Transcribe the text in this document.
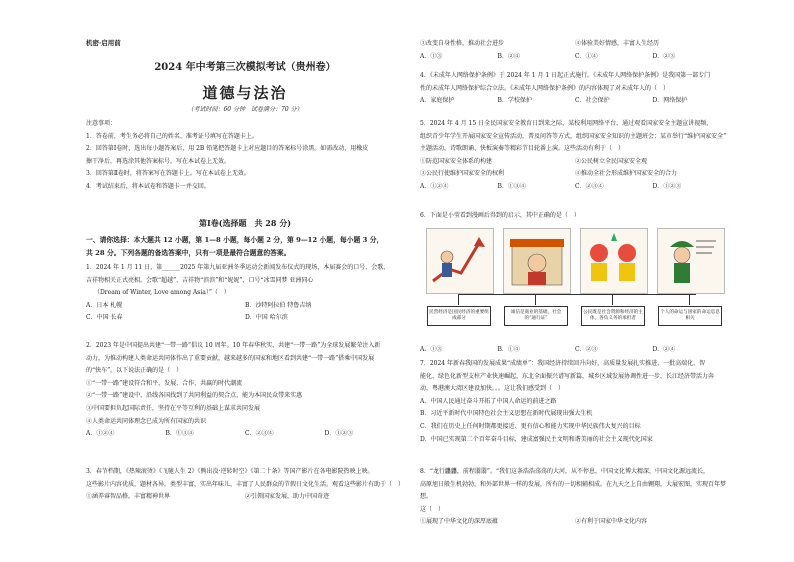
机密·启用前
2024 年中考第三次模拟考试（贵州卷）
道德与法治
（考试时间：60 分钟　试卷满分：70 分）

注意事项：

1．答卷前，考生务必将自己的姓名、准考证号填写在答题卡上。

2．回答第Ⅰ卷时，选出每小题答案后，用 2B 铅笔把答题卡上对应题目的答案标号涂黑。如需改动，用橡皮

擦干净后，再选涂其他答案标号。写在本试卷上无效。

3．回答第Ⅱ卷时，将答案写在答题卡上。写在本试卷上无效。

4．考试结束后，将本试卷和答题卡一并交回。

第Ⅰ卷(选择题　共 28 分)
一、请你选择：本大题共 12 小题，第 1—8 小题，每小题 2 分，第 9—12 小题，每小题 3 分，
共 28 分。下列各题的备选答案中，只有一项是最符合题意的答案。

1．2024 年 1 月 11 日，第______2025 年第九届亚洲冬季运动会新闻发布仪式的现场，本届赛会的口号、会歌、

吉祥物相关正式亮相。会歌“超越”、吉祥物“滨滨”和“妮妮”、口号“冰雪同梦 亚洲同心

（Dream of Winter, Love among Asia）”（　）

A．日本 札幌	B．沙特阿拉伯 特鲁吉纳
C．中国 长春	D．中国 哈尔滨

2．2023 年是中国提出共建“一带一路”倡议 10 周年。10 年春华秋实，共建“一带一路”为全球发展繁荣注入新

动力，为推动构建人类命运共同体作出了重要贡献，越来越多的国家和地区看到共建“一带一路”搭乘中国发展

的“快车”。以下说法正确的是（　）

①“一带一路”建设符合和平、发展、合作、共赢的时代潮流

②“一带一路”建设中，沿线各国找到了共同利益的契合点，能为本国民众带来实惠

③中国要担负起国际责任，坚持在平等互利的基础上谋求共同发展

④人类命运共同体理念已成为所有国家的共识

A．①②④	B．①③④	C．②③④	D．①②③

3．春节档期，《热辣滚烫》《飞驰人生 2》《熊出没·逆转时空》《第二十条》等国产影片在各电影院热映上映。

这些影片内容优质，题材各异，类型丰富，实出年味儿，丰富了人民群众的节假日文化生活。观看这些影片有助于（　）

①涵养睿智品格，丰富精神世界	②引领国家发展，助力中国奇迹
③改变自身性格，推动社会进步	④体验美好情感，丰富人生经历
A．①③	B．②④	C．①④	D．②③

4．《未成年人网络保护条例》于 2024 年 1 月 1 日起正式施行。《未成年人网络保护条例》是我国第一部专门

性的未成年人网络保护综合立法。《未成年人网络保护条例》的内容体现了对未成年人的（　）

A．家庭保护	B．学校保护	C．社会保护	D．网络保护

5．2024 年 4 月 15 日全民国家安全教育日到来之际，某校利用网络平台，通过观看国家安全主题宣讲视频，

组织青少年学生开展国家安全宣传活动，普及问答等方式，组织国家安全知识的主题班会；某市举行“维护国家安全”

主题活动，诗歌朗诵、快板演奏等精彩节目轮番上演。这些活动有利于（　）

①防范国家安全体系的构建	②公民树立全民国家安全观
③公民行使维护国家安全的权利	④推动全社会形成维护国家安全的合力
A．①②④	B．①③④	C．②③④	D．①②③

6．下面是小莹看到漫画后得到的启示，其中正确的是（　）

民营经济是国民经济的重要组成部分
诚信是商业的基础，社会的“通行证”
公民既是社会资源和经济的主体，各负义务的承担者
个人的命运与国家的命运息息相关
A．①③	B．①④	C．②③	D．②④

7．2024 年新春我国的发展成果“成绩单”：我国经济持续回升向好，高质量发展扎实推进，一批高端化、智

能化、绿色化新型支柱产业快速崛起，东北全面振兴谱写新篇，城乡区域发展协调性进一步，长江经济带活力奔

动，粤港澳大湾区建设加快。。。这让我们感受到（　）

A．中国人民通过奋斗开拓了中国人命运的前进之路

B．习近平新时代中国特色社会主义思想在新时代展现出强大生机

C．我们在历史上任何时期都更接近、更有信心和能力实现中华民族伟大复兴的目标

D．中国已实现第二个百年奋斗目标，建成富强民主文明和谐美丽的社会主义现代化国家

8．“龙行龘龘，前程朤朤”。“我们这条浩浩荡荡的大河，从不停息，中国文化博大精深，中国文化源远流长，

高原旭日般生机勃勃，和外部世界一样的发展，所有的一切相辅相成。在九天之上自由翱翔，大展宏图，实现百年梦想。

这（　）

①展现了中华文化的深厚底蕴	②有利于国家中华文化内容
